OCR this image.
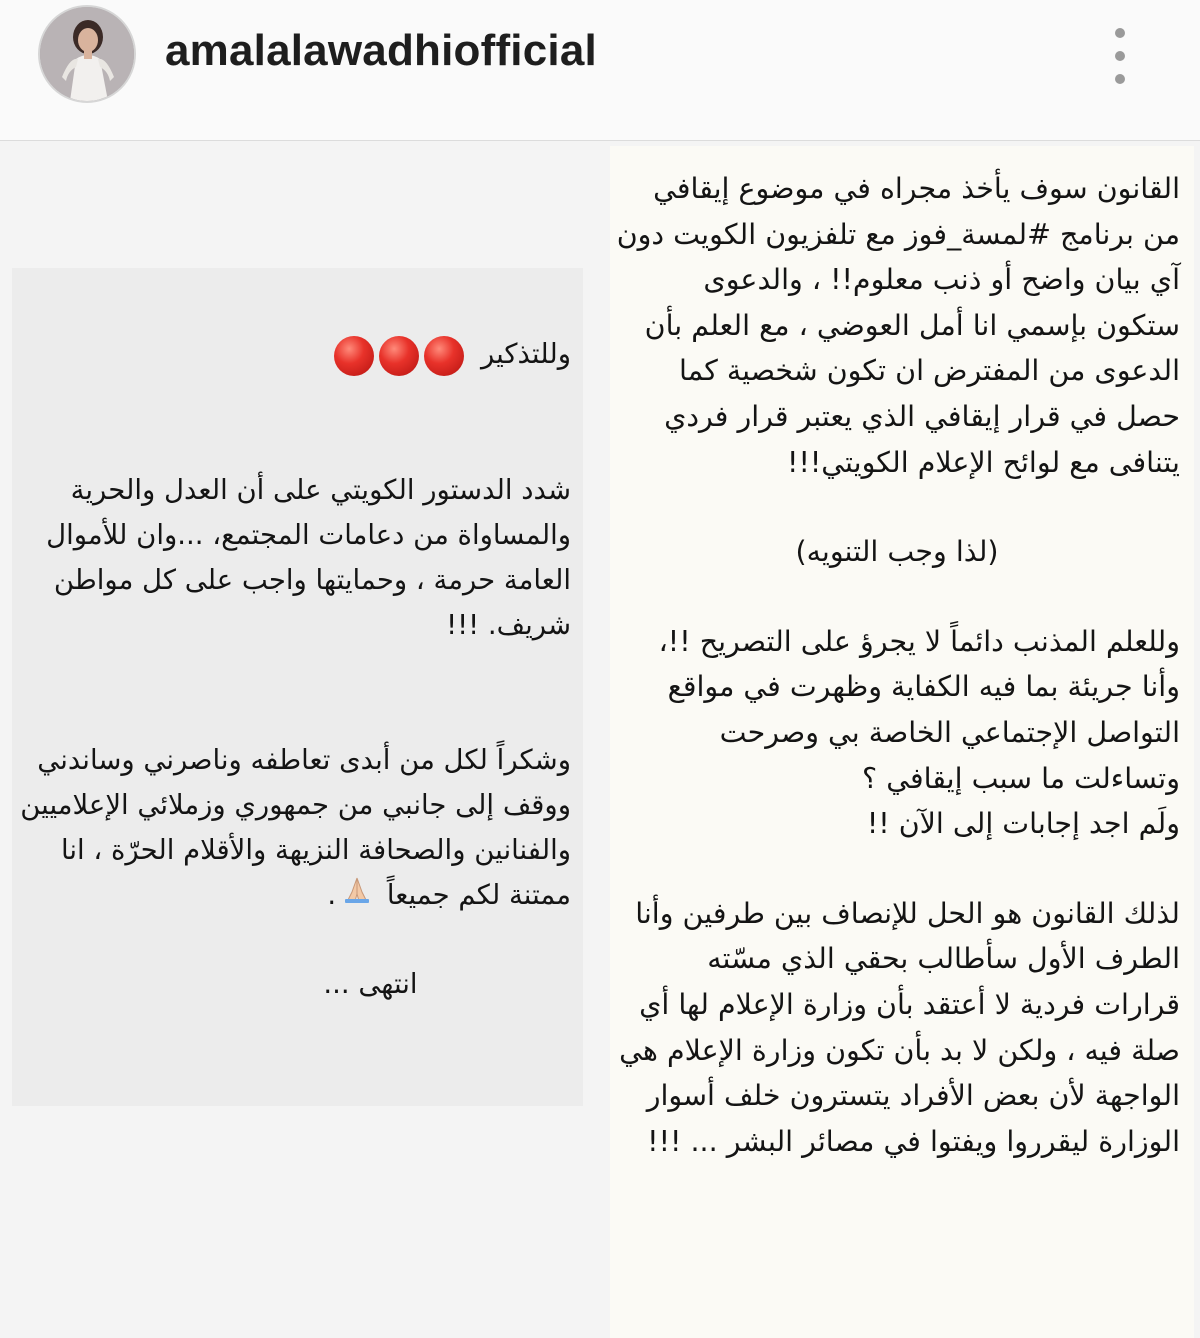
amalalawadhiofficial

وللتذكير

شدد الدستور الكويتي على أن العدل والحرية والمساواة من دعامات المجتمع، ...وان للأموال العامة حرمة ، وحمايتها واجب على كل مواطن شريف. !!!

وشكراً لكل من أبدى تعاطفه وناصرني وساندني ووقف إلى جانبي من جمهوري وزملائي الإعلاميين والفنانين والصحافة النزيهة والأقلام الحرّة ، انا ممتنة لكم جميعاً .

انتهى ...

القانون سوف يأخذ مجراه في موضوع إيقافي من برنامج #لمسة_فوز مع تلفزيون الكويت دون آي بيان واضح أو ذنب معلوم!! ، والدعوى ستكون بإسمي انا أمل العوضي ، مع العلم بأن الدعوى من المفترض ان تكون شخصية كما حصل في قرار إيقافي الذي يعتبر قرار فردي يتنافى مع لوائح الإعلام الكويتي!!!

(لذا وجب التنويه)

وللعلم المذنب دائماً لا يجرؤ على التصريح !!، وأنا جريئة بما فيه الكفاية وظهرت في مواقع التواصل الإجتماعي الخاصة بي وصرحت وتساءلت ما سبب إيقافي ؟

ولَم اجد إجابات إلى الآن !!

لذلك القانون هو الحل للإنصاف بين طرفين وأنا الطرف الأول سأطالب بحقي الذي مسّته قرارات فردية لا أعتقد بأن وزارة الإعلام لها أي صلة فيه ، ولكن لا بد بأن تكون وزارة الإعلام هي الواجهة لأن بعض الأفراد يتسترون خلف أسوار الوزارة ليقرروا ويفتوا في مصائر البشر ... !!!
